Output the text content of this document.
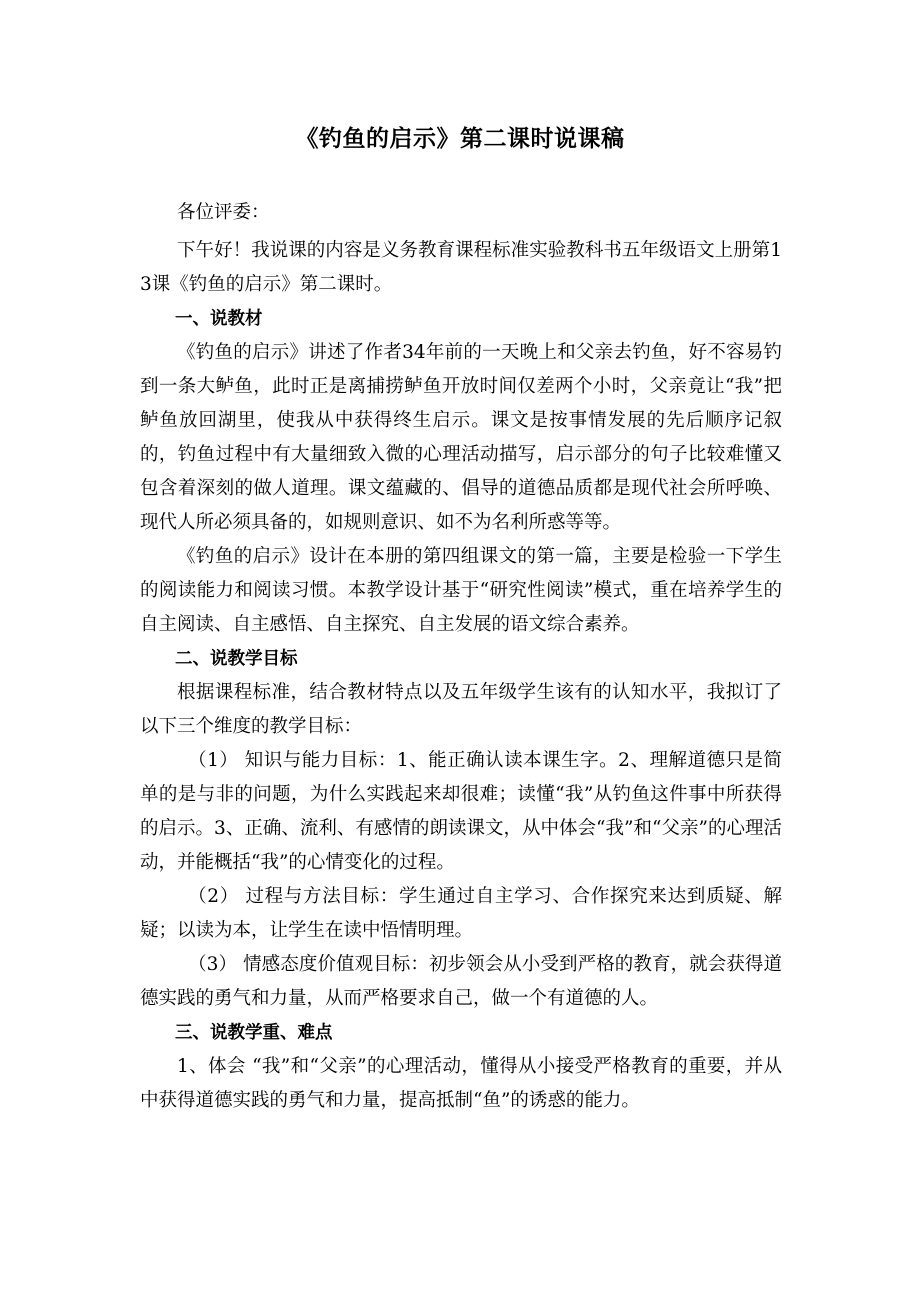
《钓鱼的启示》第二课时说课稿

各位评委：

下午好！我说课的内容是义务教育课程标准实验教科书五年级语文上册第13课《钓鱼的启示》第二课时。

一、说教材

《钓鱼的启示》讲述了作者34年前的一天晚上和父亲去钓鱼，好不容易钓到一条大鲈鱼，此时正是离捕捞鲈鱼开放时间仅差两个小时，父亲竟让“我”把鲈鱼放回湖里，使我从中获得终生启示。课文是按事情发展的先后顺序记叙的，钓鱼过程中有大量细致入微的心理活动描写，启示部分的句子比较难懂又包含着深刻的做人道理。课文蕴藏的、倡导的道德品质都是现代社会所呼唤、现代人所必须具备的，如规则意识、如不为名利所惑等等。

《钓鱼的启示》设计在本册的第四组课文的第一篇，主要是检验一下学生的阅读能力和阅读习惯。本教学设计基于“研究性阅读”模式，重在培养学生的自主阅读、自主感悟、自主探究、自主发展的语文综合素养。

二、说教学目标

根据课程标准，结合教材特点以及五年级学生该有的认知水平，我拟订了以下三个维度的教学目标：

（1） 知识与能力目标：1、能正确认读本课生字。2、理解道德只是简单的是与非的问题，为什么实践起来却很难；读懂“我”从钓鱼这件事中所获得的启示。3、正确、流利、有感情的朗读课文，从中体会“我”和“父亲”的心理活动，并能概括“我”的心情变化的过程。

（2） 过程与方法目标：学生通过自主学习、合作探究来达到质疑、解疑；以读为本，让学生在读中悟情明理。

（3） 情感态度价值观目标：初步领会从小受到严格的教育，就会获得道德实践的勇气和力量，从而严格要求自己，做一个有道德的人。

三、说教学重、难点

1、体会 “我”和“父亲”的心理活动，懂得从小接受严格教育的重要，并从中获得道德实践的勇气和力量，提高抵制“鱼”的诱惑的能力。
